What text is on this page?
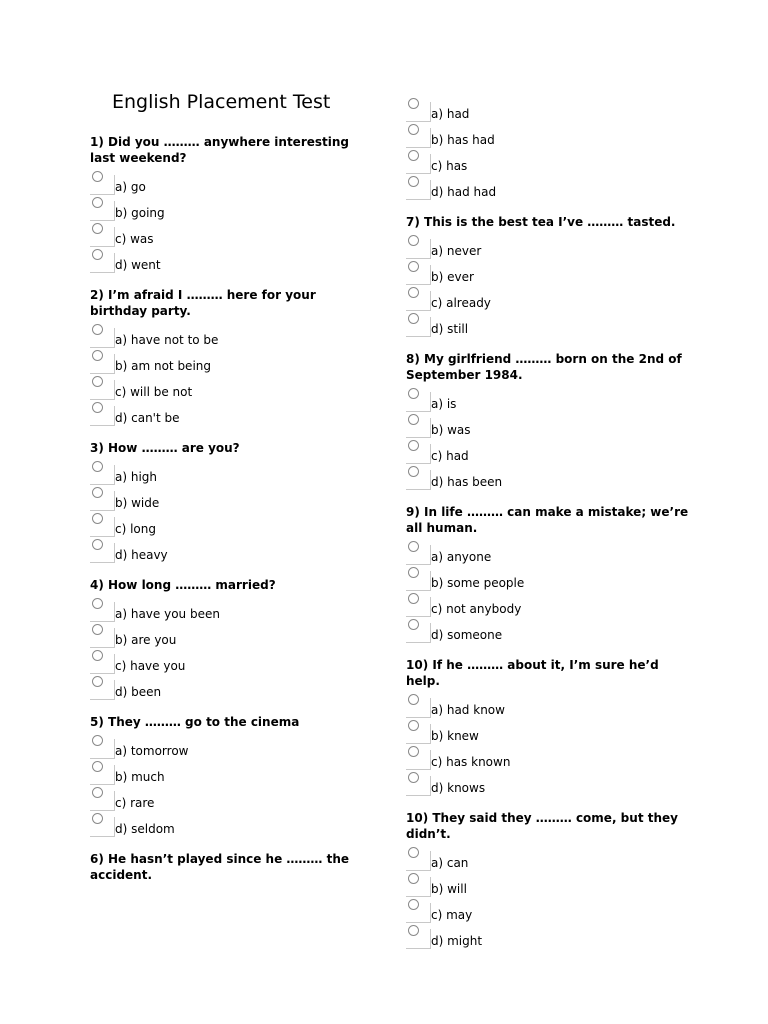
English Placement Test

1) Did you ……… anywhere interesting last weekend?

a) go
b) going
c) was
d) went

2) I’m afraid I ……… here for your birthday party.

a) have not to be
b) am not being
c) will be not
d) can't be

3) How ……… are you?

a) high
b) wide
c) long
d) heavy

4) How long ……… married?

a) have you been
b) are you
c) have you
d) been

5) They ……… go to the cinema

a) tomorrow
b) much
c) rare
d) seldom

6) He hasn’t played since he ……… the accident.

a) had
b) has had
c) has
d) had had

7) This is the best tea I’ve ……… tasted.

a) never
b) ever
c) already
d) still

8) My girlfriend ……… born on the 2nd of September 1984.

a) is
b) was
c) had
d) has been

9) In life ……… can make a mistake; we’re all human.

a) anyone
b) some people
c) not anybody
d) someone

10) If he ……… about it, I’m sure he’d help.

a) had know
b) knew
c) has known
d) knows

10) They said they ……… come, but they didn’t.

a) can
b) will
c) may
d) might
